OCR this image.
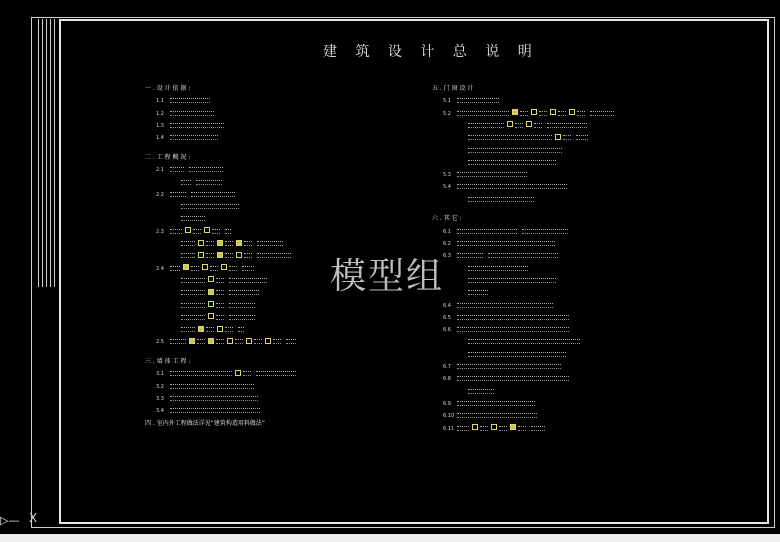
建 筑 设 计 总 说 明
一 . 设 计 依 据 :
1.1
1.2
1.3
1.4
二 . 工 程 概 况 :
2.1
2.2
2.3
2.4
2.5
三 . 墙 体 工 程 :
3.1
3.2
3.3
3.4
四 . 室内外工程做法详见“建筑构造用料做法”
五 . 门 窗 设 计
5.1
5.2
5.3
5.4
六 . 其 它 :
6.1
6.2
6.3
6.4
6.5
6.6
6.7
6.8
6.9
6.10
6.11
模型组
▷— X
